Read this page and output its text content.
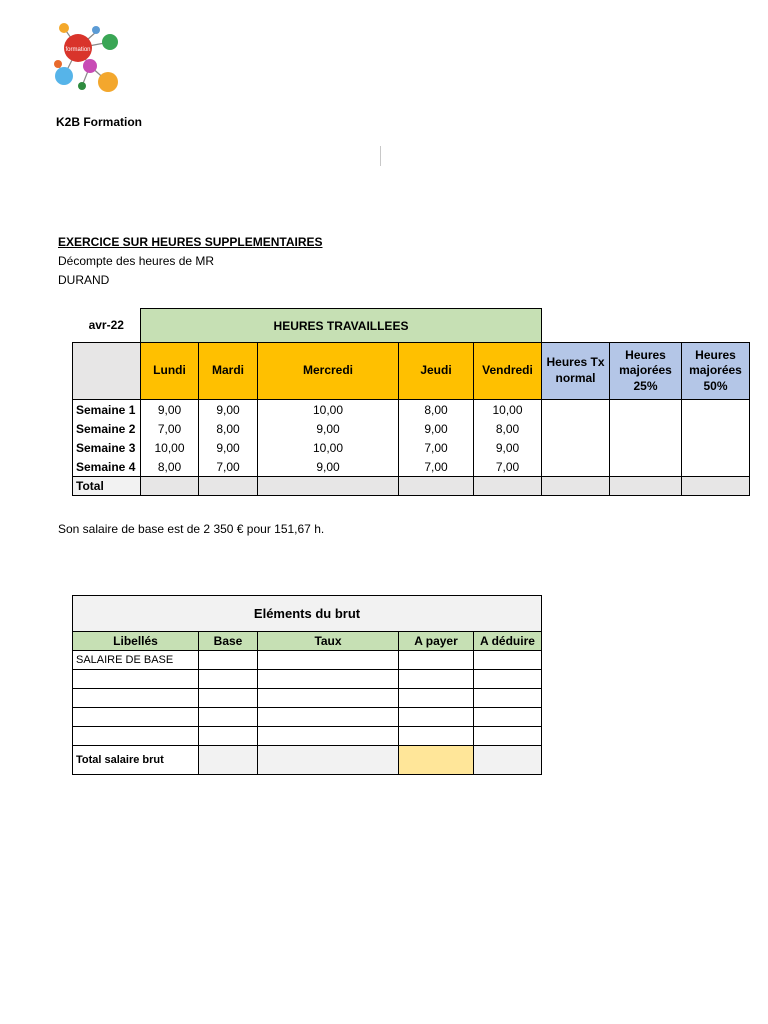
formation
K2B Formation
EXERCICE SUR HEURES SUPPLEMENTAIRES
Décompte des heures de MR
DURAND
avr-22	HEURES TRAVAILLEES							
	Lundi	Mardi	Mercredi	Jeudi	Vendredi	Heures Tx normal	Heures majorées 25%	Heures majorées 50%
Semaine 1	9,00	9,00	10,00	8,00	10,00			
Semaine 2	7,00	8,00	9,00	9,00	8,00			
Semaine 3	10,00	9,00	10,00	7,00	9,00			
Semaine 4	8,00	7,00	9,00	7,00	7,00			
Total								
Son salaire de base est de 2 350 € pour 151,67 h.
Eléments du brut				
Libellés	Base	Taux	A payer	A déduire
SALAIRE DE BASE				

Total salaire brut				
